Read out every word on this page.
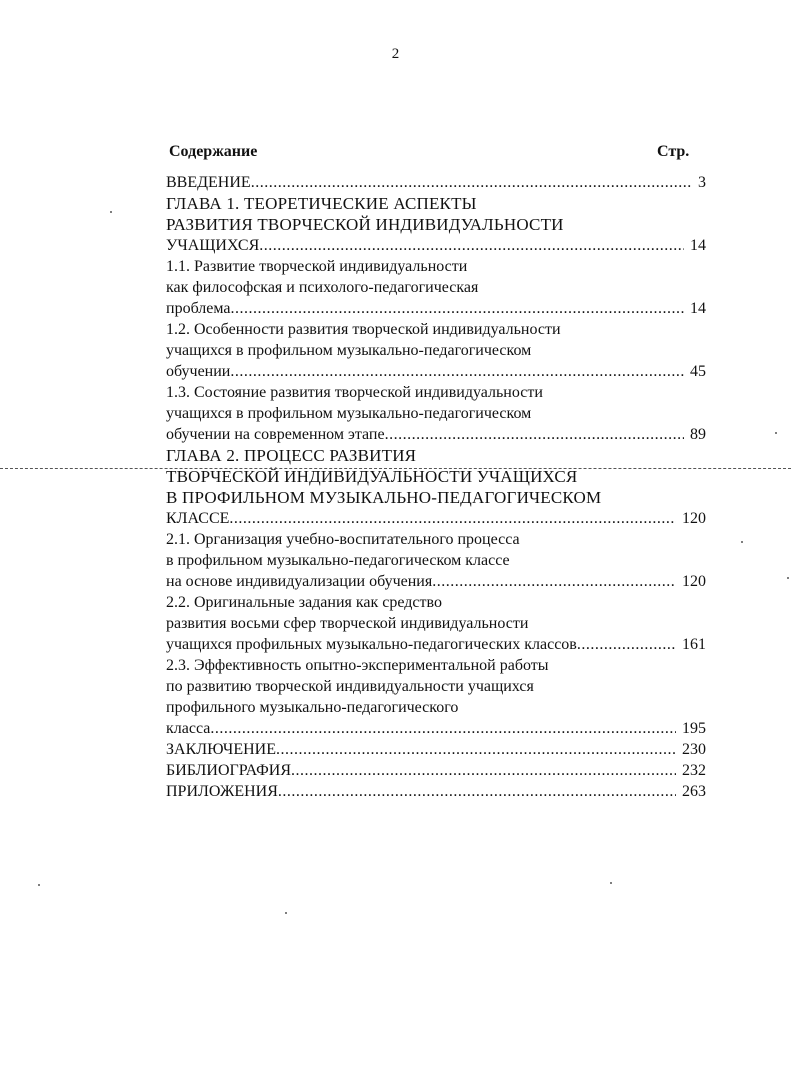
2
Содержание	Стр.
ВВЕДЕНИЕ .....	3
ГЛАВА 1. ТЕОРЕТИЧЕСКИЕ АСПЕКТЫ
РАЗВИТИЯ ТВОРЧЕСКОЙ ИНДИВИДУАЛЬНОСТИ
УЧАЩИХСЯ .....	14
1.1. Развитие творческой индивидуальности
как философская и психолого-педагогическая
проблема .....	14
1.2. Особенности развития творческой индивидуальности
учащихся в профильном музыкально-педагогическом
обучении .....	45
1.3. Состояние развития творческой индивидуальности
учащихся в профильном музыкально-педагогическом
обучении на современном этапе .....	89
ГЛАВА 2. ПРОЦЕСС РАЗВИТИЯ
ТВОРЧЕСКОЙ ИНДИВИДУАЛЬНОСТИ УЧАЩИХСЯ
В ПРОФИЛЬНОМ МУЗЫКАЛЬНО-ПЕДАГОГИЧЕСКОМ
КЛАССЕ .....	120
2.1. Организация учебно-воспитательного процесса
в профильном музыкально-педагогическом классе
на основе индивидуализации обучения .....	120
2.2. Оригинальные задания как средство
развития восьми сфер творческой индивидуальности
учащихся профильных музыкально-педагогических классов .....	161
2.3. Эффективность опытно-экспериментальной работы
по развитию творческой индивидуальности учащихся
профильного музыкально-педагогического
класса .....	195
ЗАКЛЮЧЕНИЕ .....	230
БИБЛИОГРАФИЯ .....	232
ПРИЛОЖЕНИЯ .....	263
